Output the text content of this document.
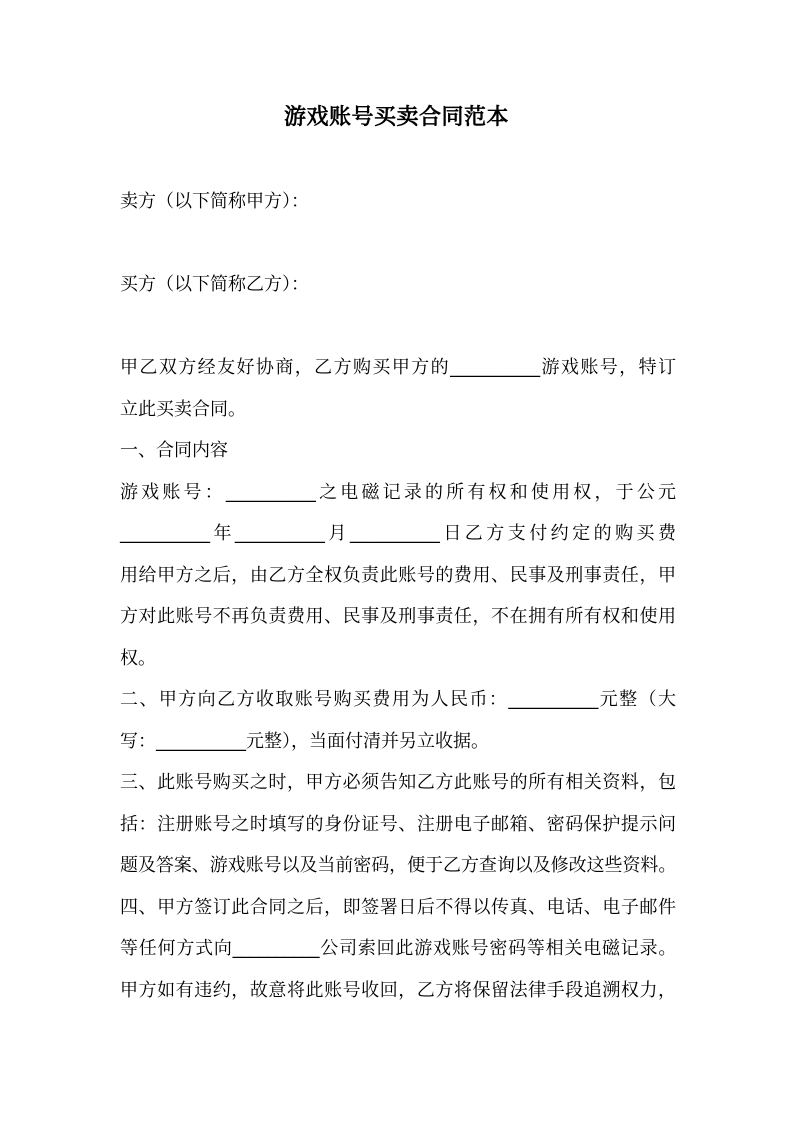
游戏账号买卖合同范本
卖方（以下简称甲方）：
买方（以下简称乙方）：
甲乙双方经友好协商，乙方购买甲方的__________游戏账号，特订
立此买卖合同。
一、合同内容
游戏账号：__________之电磁记录的所有权和使用权，于公元
__________年__________月__________日乙方支付约定的购买费
用给甲方之后，由乙方全权负责此账号的费用、民事及刑事责任，甲
方对此账号不再负责费用、民事及刑事责任，不在拥有所有权和使用
权。
二、甲方向乙方收取账号购买费用为人民币：__________元整（大
写：__________元整），当面付清并另立收据。
三、此账号购买之时，甲方必须告知乙方此账号的所有相关资料，包
括：注册账号之时填写的身份证号、注册电子邮箱、密码保护提示问
题及答案、游戏账号以及当前密码，便于乙方查询以及修改这些资料。
四、甲方签订此合同之后，即签署日后不得以传真、电话、电子邮件
等任何方式向__________公司索回此游戏账号密码等相关电磁记录。
甲方如有违约，故意将此账号收回，乙方将保留法律手段追溯权力，
